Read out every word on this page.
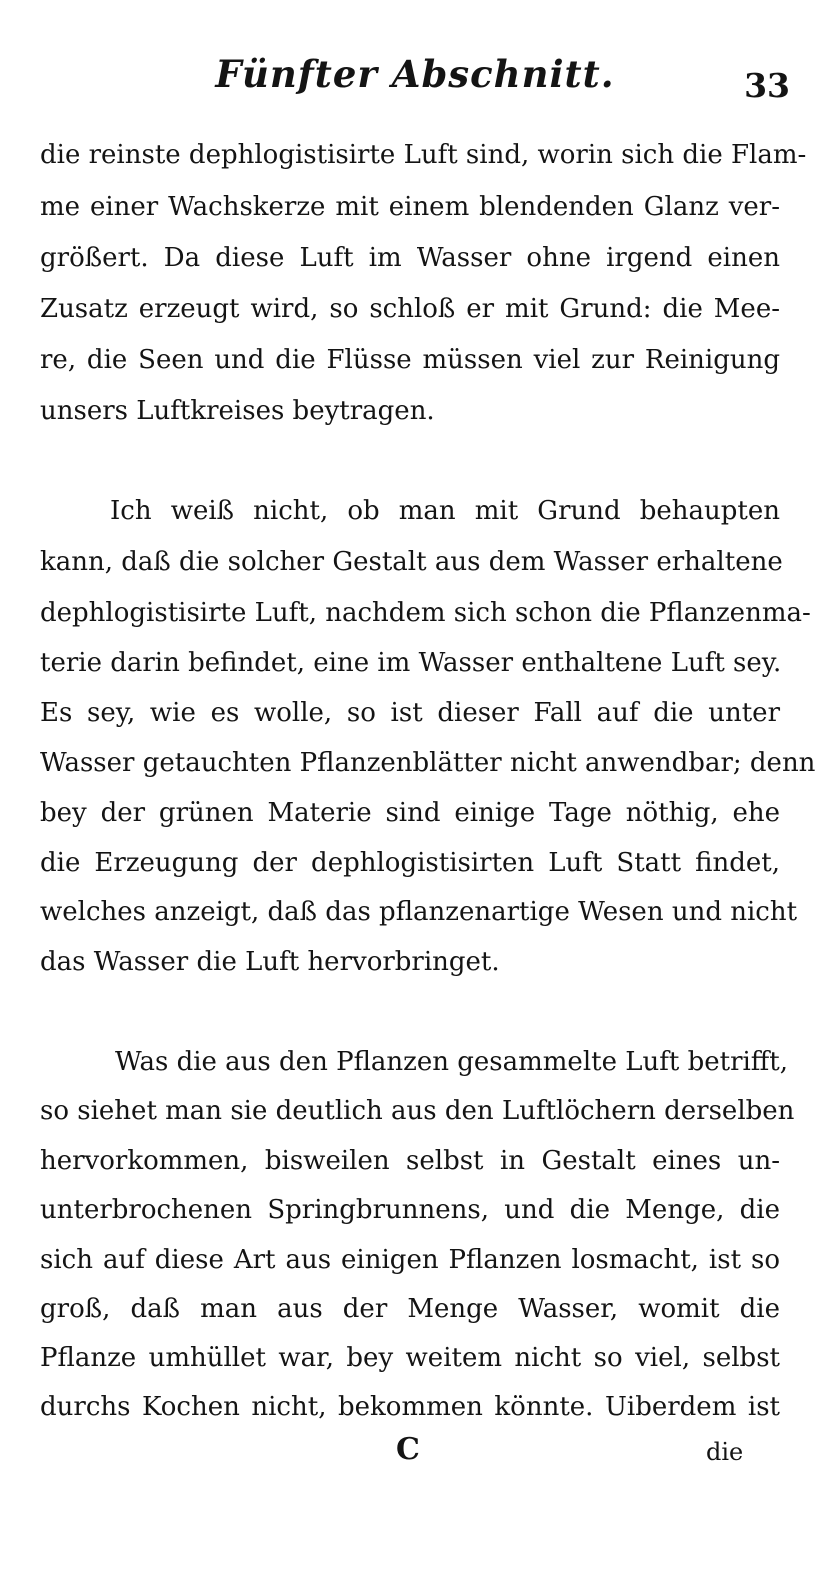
Fünfter Abschnitt.	33
die reinste dephlogistisirte Luft sind, worin sich die Flam-
me einer Wachskerze mit einem blendenden Glanz ver-
größert. Da diese Luft im Wasser ohne irgend einen
Zusatz erzeugt wird, so schloß er mit Grund: die Mee-
re, die Seen und die Flüsse müssen viel zur Reinigung
unsers Luftkreises beytragen.
Ich weiß nicht, ob man mit Grund behaupten
kann, daß die solcher Gestalt aus dem Wasser erhaltene
dephlogistisirte Luft, nachdem sich schon die Pflanzenma-
terie darin befindet, eine im Wasser enthaltene Luft sey.
Es sey, wie es wolle, so ist dieser Fall auf die unter
Wasser getauchten Pflanzenblätter nicht anwendbar; denn
bey der grünen Materie sind einige Tage nöthig, ehe
die Erzeugung der dephlogistisirten Luft Statt findet,
welches anzeigt, daß das pflanzenartige Wesen und nicht
das Wasser die Luft hervorbringet.
Was die aus den Pflanzen gesammelte Luft betrifft,
so siehet man sie deutlich aus den Luftlöchern derselben
hervorkommen, bisweilen selbst in Gestalt eines un-
unterbrochenen Springbrunnens, und die Menge, die
sich auf diese Art aus einigen Pflanzen losmacht, ist so
groß, daß man aus der Menge Wasser, womit die
Pflanze umhüllet war, bey weitem nicht so viel, selbst
durchs Kochen nicht, bekommen könnte. Uiberdem ist
C	die
